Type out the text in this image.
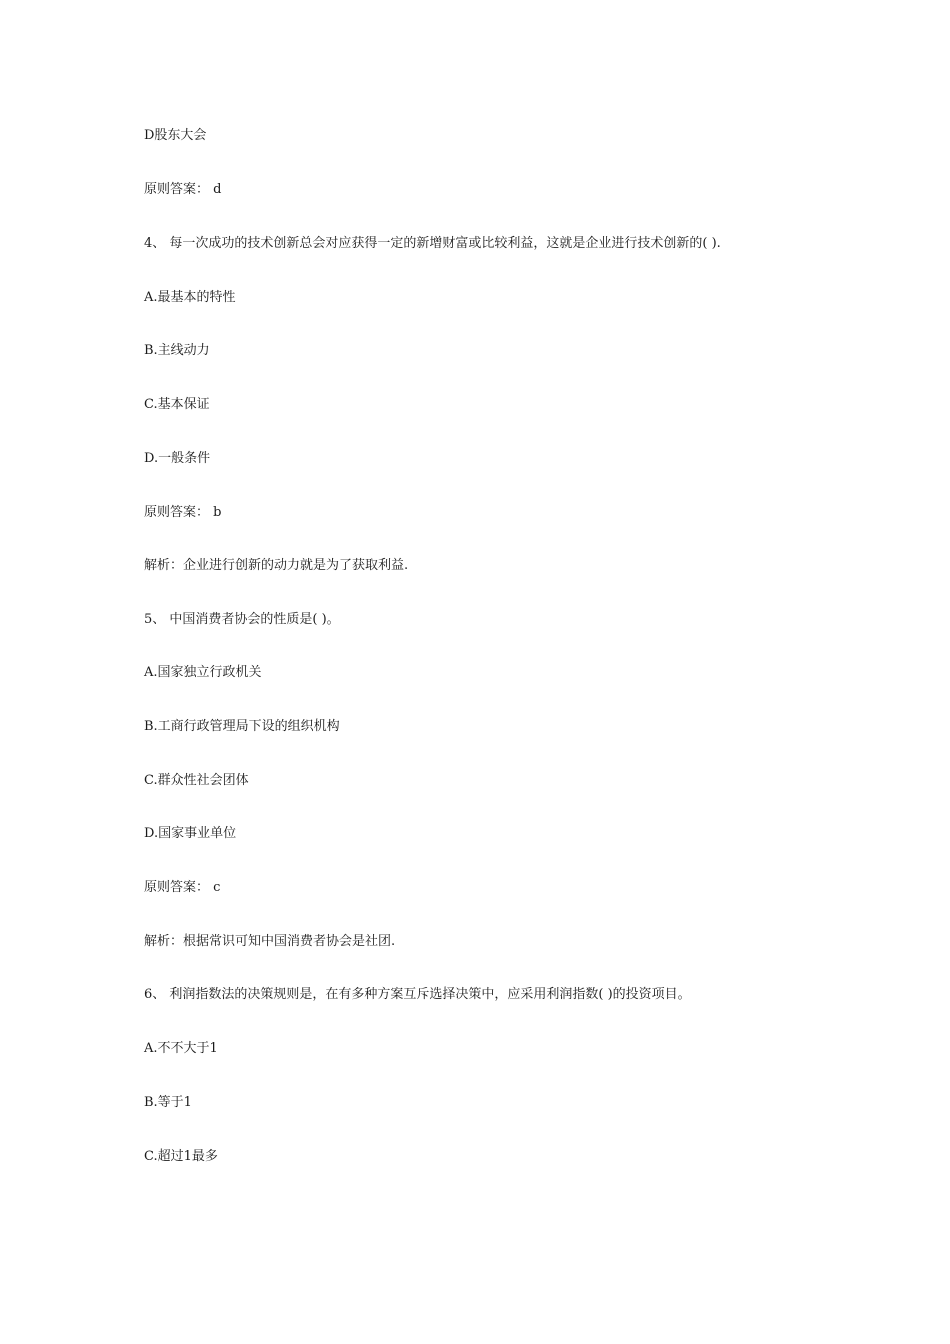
D股东大会
原则答案： d
4、 每一次成功的技术创新总会对应获得一定的新增财富或比较利益，这就是企业进行技术创新的( ).
A.最基本的特性
B.主线动力
C.基本保证
D.一般条件
原则答案： b
解析：企业进行创新的动力就是为了获取利益.
5、 中国消费者协会的性质是( )。
A.国家独立行政机关
B.工商行政管理局下设的组织机构
C.群众性社会团体
D.国家事业单位
原则答案： c
解析：根据常识可知中国消费者协会是社团.
6、 利润指数法的决策规则是，在有多种方案互斥选择决策中，应采用利润指数( )的投资项目。
A.不不大于1
B.等于1
C.超过1最多
